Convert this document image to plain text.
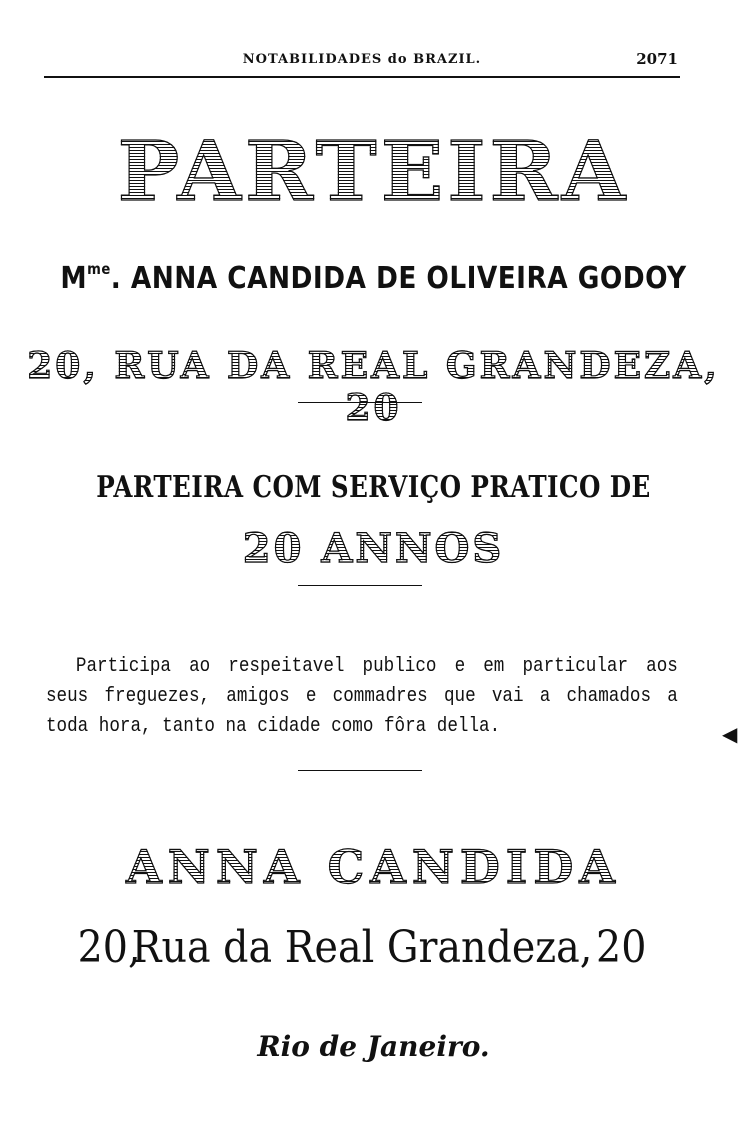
NOTABILIDADES do BRAZIL.	2071
PARTEIRA
$M^{me}$. ANNA CANDIDA DE OLIVEIRA GODOY
20, RUA DA REAL GRANDEZA, 20
PARTEIRA COM SERVIÇO PRATICO DE
20 ANNOS
Participa ao respeitavel publico e em particular aos seus freguezes, amigos e commadres que vai a chamados a toda hora, tanto na cidade como fôra della.
ANNA CANDIDA
20,
Rua da Real Grandeza, 20
Rio de Janeiro.
◀
